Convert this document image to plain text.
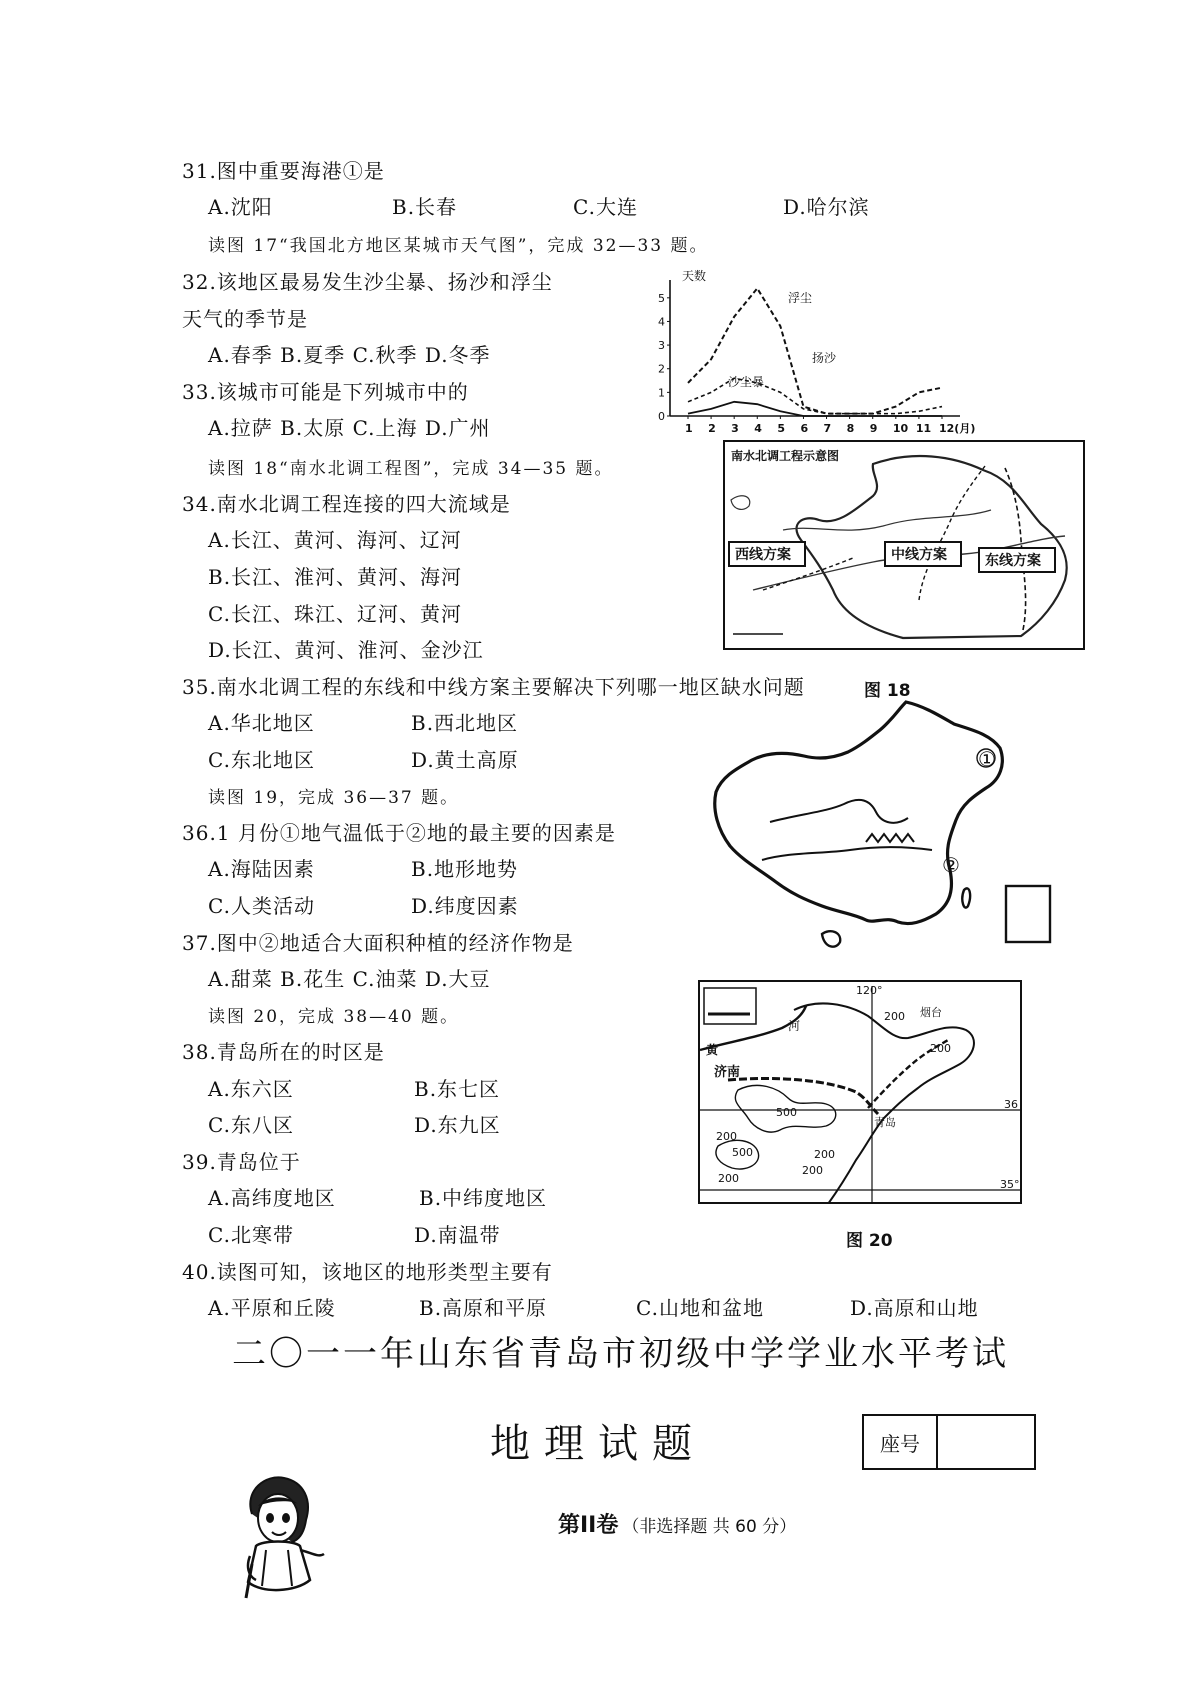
31.图中重要海港①是
A.沈阳	B.长春	C.大连	D.哈尔滨
读图 17“我国北方地区某城市天气图”，完成 32—33 题。
32.该地区最易发生沙尘暴、扬沙和浮尘
天气的季节是
A.春季 B.夏季 C.秋季 D.冬季
33.该城市可能是下列城市中的
A.拉萨 B.太原 C.上海 D.广州
读图 18“南水北调工程图”，完成 34—35 题。
34.南水北调工程连接的四大流域是
A.长江、黄河、海河、辽河
B.长江、淮河、黄河、海河
C.长江、珠江、辽河、黄河
D.长江、黄河、淮河、金沙江
35.南水北调工程的东线和中线方案主要解决下列哪一地区缺水问题
A.华北地区	B.西北地区
C.东北地区	D.黄土高原
读图 19，完成 36—37 题。
36.1 月份①地气温低于②地的最主要的因素是
A.海陆因素	B.地形地势
C.人类活动	D.纬度因素
37.图中②地适合大面积种植的经济作物是
A.甜菜 B.花生 C.油菜 D.大豆
读图 20，完成 38—40 题。
38.青岛所在的时区是
A.东六区	B.东七区
C.东八区	D.东九区
39.青岛位于
A.高纬度地区	B.中纬度地区
C.北寒带	D.南温带
40.读图可知，该地区的地形类型主要有
A.平原和丘陵	B.高原和平原	C.山地和盆地	D.高原和山地
天数
0
1
2
3
4
5
1 2 3 4 5 6 7 8 9 10 11 12(月)
浮尘
扬沙
沙尘暴
南水北调工程示意图
西线方案	中线方案	东线方案
图 18
①
②
120°
36
35°
河
黄
济南
青岛
烟台
500
200
200
200
200
200
500
200
图 20
二〇一一年山东省青岛市初级中学学业水平考试
地理试题	座号
第II卷 （非选择题 共 60 分）
